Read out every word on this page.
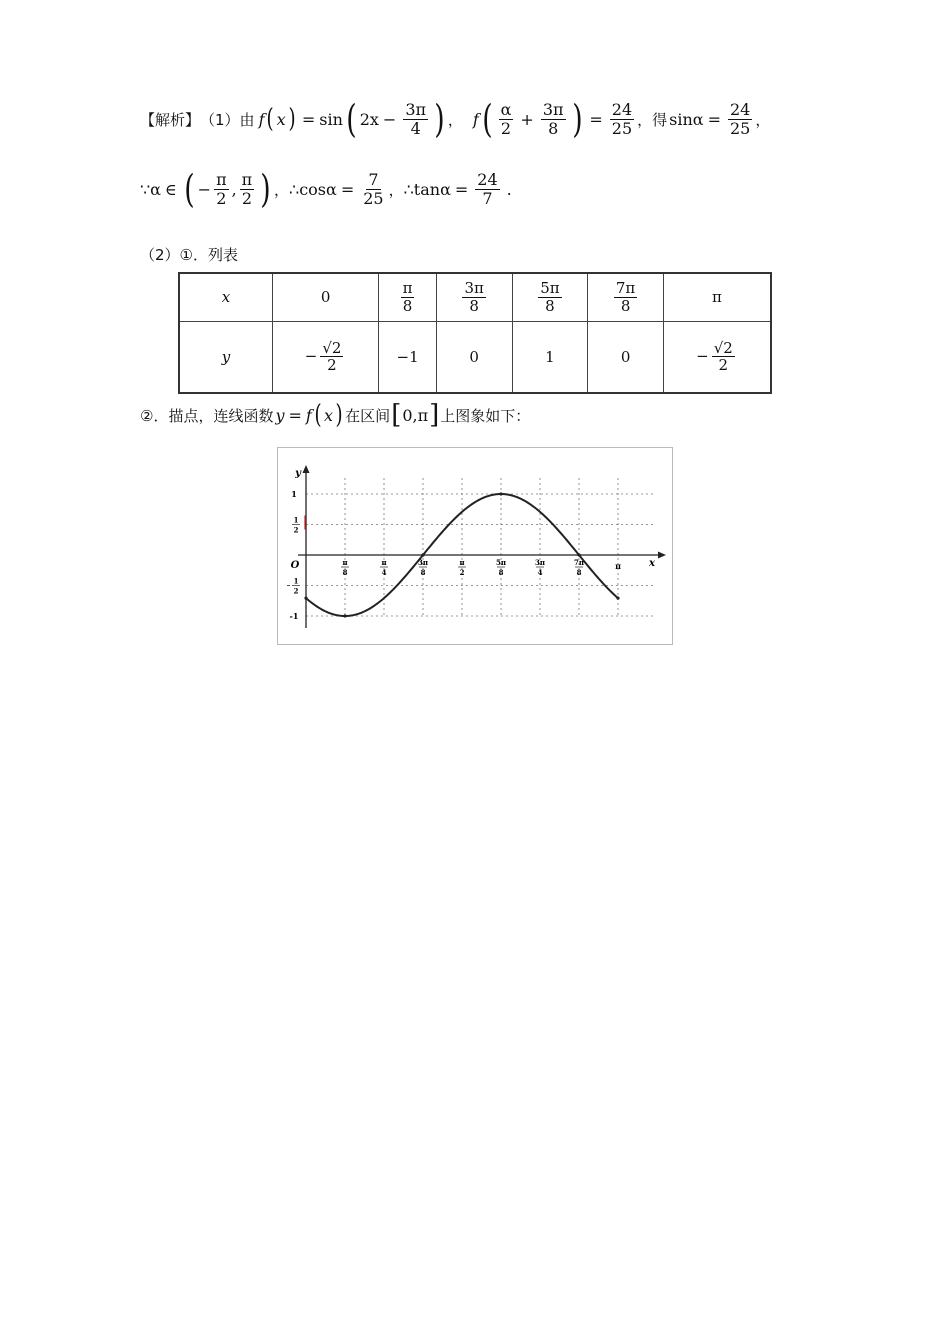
【解析】 （1）由 f ( x ) = sin ( $2x - \frac{3\pi}{4}$ ) ， f ( $\frac{\alpha}{2} + \frac{3\pi}{8}$ ) = $\frac{24}{25}$ ，得 $\sin\alpha = \frac{24}{25}$ ，
∵α ∈ ( − $\frac{\pi}{2}$ , $\frac{\pi}{2}$ ) ， ∴cosα = $\frac{7}{25}$ ， ∴tanα = $\frac{24}{7}$ .
（2）①．列表
x	0	$\frac{\pi}{8}$	$\frac{3\pi}{8}$	$\frac{5\pi}{8}$	$\frac{7\pi}{8}$	π
y	− $\frac{√2}{2}$	−1	0	1	0	− $\frac{√2}{2}$
②．描点，连线函数 y = f ( x ) 在区间 [ 0,π ] 上图象如下：
y
x
O	π
8
π
4
3π
8
π
2
5π
8
3π
4
7π
8
π
1
1
2
1
2
-1
